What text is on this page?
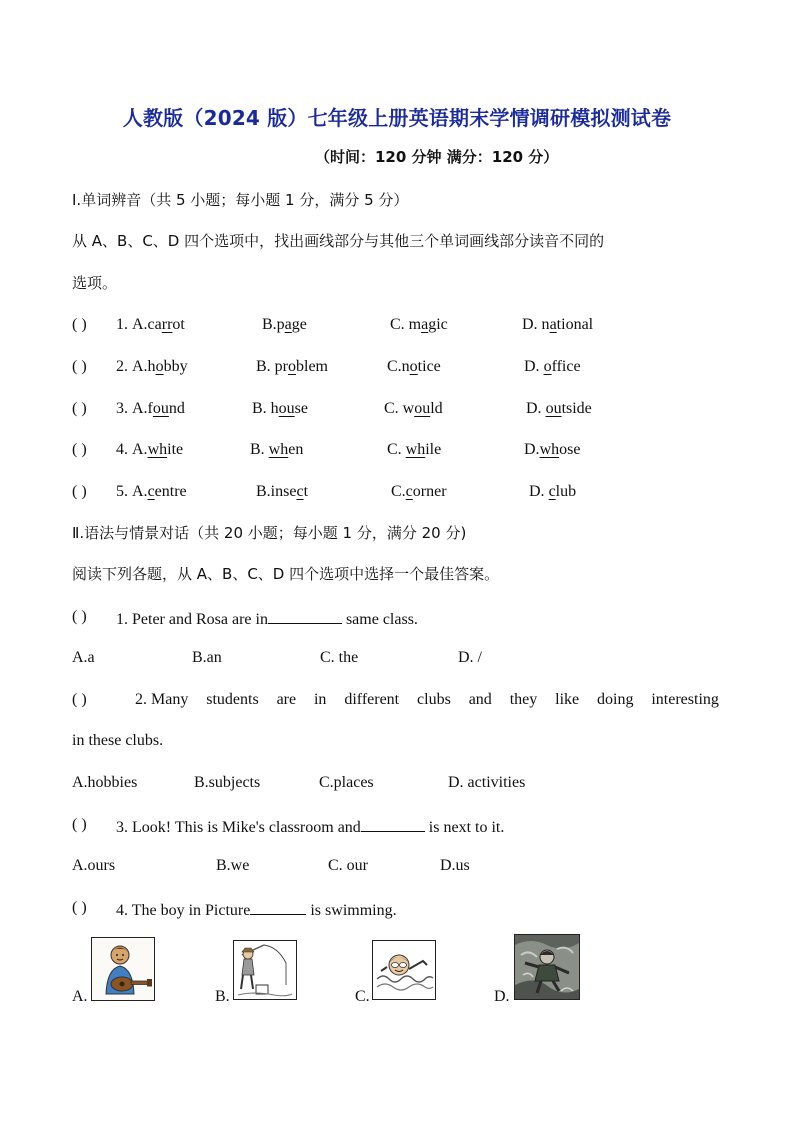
人教版（2024 版）七年级上册英语期末学情调研模拟测试卷
（时间：120 分钟 满分：120 分）
I.单词辨音（共 5 小题；每小题 1 分，满分 5 分）
从 A、B、C、D 四个选项中，找出画线部分与其他三个单词画线部分读音不同的
选项。
( ) 1. A.carrot	B.page	C. magic	D. national
( ) 2. A.hobby	B. problem	C.notice	D. office
( ) 3. A.found	B. house	C. would	D. outside
( ) 4. A.white	B. when	C. while	D.whose
( ) 5. A.centre	B.insect	C.corner	D. club
Ⅱ.语法与情景对话（共 20 小题；每小题 1 分，满分 20 分)
阅读下列各题，从 A、B、C、D 四个选项中选择一个最佳答案。
( ) 1. Peter and Rosa are in	same class.
A.a	B.an	C. the	D. /
( )	2. Many students are in different clubs and they like doing interesting
in these clubs.
A.hobbies	B.subjects	C.places	D. activities
( ) 3. Look! This is Mike's classroom and	is next to it.
A.ours	B.we	C. our	D.us
( ) 4. The boy in Picture	is swimming.
A.	B.	C.	D.
